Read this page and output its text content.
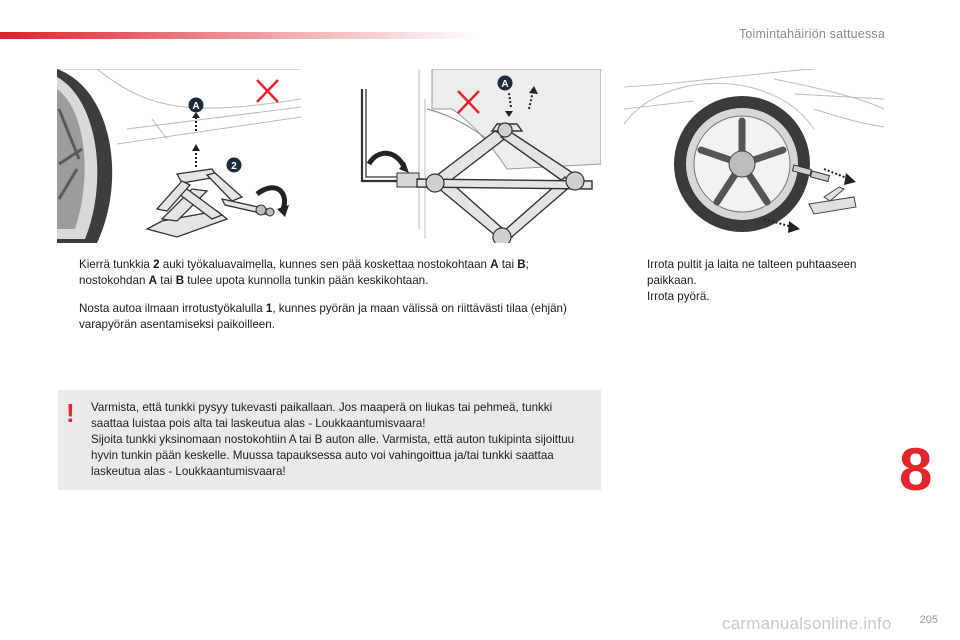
Toimintahäiriön sattuessa
A
2
A
Kierrä tunkkia 2 auki työkaluavaimella, kunnes sen pää koskettaa nostokohtaan A tai B; nostokohdan A tai B tulee upota kunnolla tunkin pään keskikohtaan.
Nosta autoa ilmaan irrotustyökalulla 1, kunnes pyörän ja maan välissä on riittävästi tilaa (ehjän) varapyörän asentamiseksi paikoilleen.
Irrota pultit ja laita ne talteen puhtaaseen paikkaan.
Irrota pyörä.
! Varmista, että tunkki pysyy tukevasti paikallaan. Jos maaperä on liukas tai pehmeä, tunkki saattaa luistaa pois alta tai laskeutua alas - Loukkaantumisvaara!

Sijoita tunkki yksinomaan nostokohtiin A tai B auton alle. Varmista, että auton tukipinta sijoittuu hyvin tunkin pään keskelle. Muussa tapauksessa auto voi vahingoittua ja/tai tunkki saattaa laskeutua alas - Loukkaantumisvaara!	8
carmanualsonline.info	205
